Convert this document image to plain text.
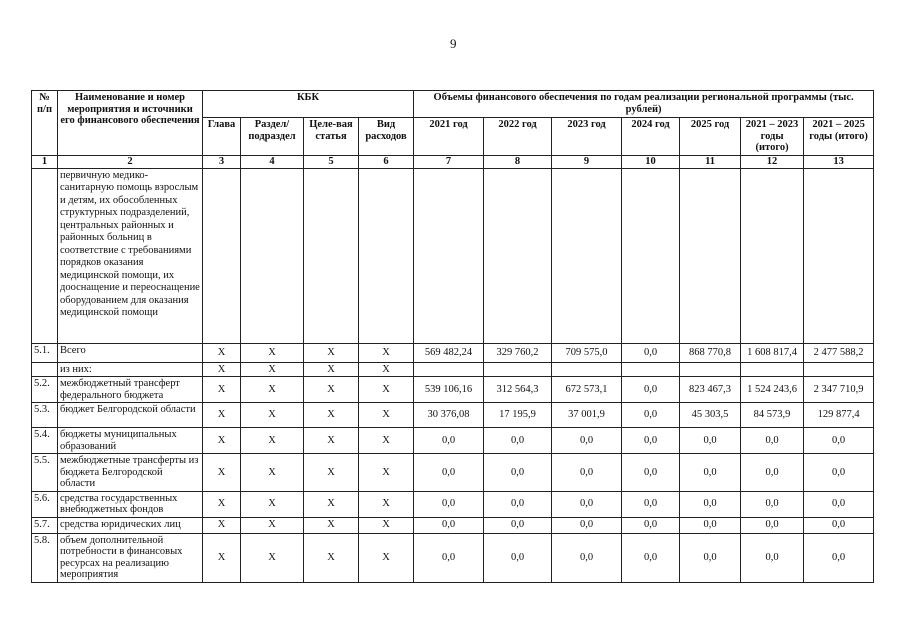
9
№ п/п	Наименование и номер мероприятия и источники его финансового обеспечения	КБК				Объемы финансового обеспечения по годам реализации региональной программы (тыс. рублей)						
		Глава	Раздел/ подраздел	Целе-вая статья	Вид расходов	2021 год	2022 год	2023 год	2024 год	2025 год	2021 – 2023 годы (итого)	2021 – 2025 годы (итого)
1	2	3	4	5	6	7	8	9	10	11	12	13
	первичную медико-санитарную помощь взрослым и детям, их обособленных структурных подразделений, центральных районных и районных больниц в соответствие с требованиями порядков оказания медицинской помощи, их дооснащение и переоснащение оборудованием для оказания медицинской помощи											
5.1.	Всего	Х	Х	Х	Х	569 482,24	329 760,2	709 575,0	0,0	868 770,8	1 608 817,4	2 477 588,2
	из них:	Х	Х	Х	Х							
5.2.	межбюджетный трансферт федерального бюджета	Х	Х	Х	Х	539 106,16	312 564,3	672 573,1	0,0	823 467,3	1 524 243,6	2 347 710,9
5.3.	бюджет Белгородской области	Х	Х	Х	Х	30 376,08	17 195,9	37 001,9	0,0	45 303,5	84 573,9	129 877,4
5.4.	бюджеты муниципальных образований	Х	Х	Х	Х	0,0	0,0	0,0	0,0	0,0	0,0	0,0
5.5.	межбюджетные трансферты из бюджета Белгородской области	Х	Х	Х	Х	0,0	0,0	0,0	0,0	0,0	0,0	0,0
5.6.	средства государственных внебюджетных фондов	Х	Х	Х	Х	0,0	0,0	0,0	0,0	0,0	0,0	0,0
5.7.	средства юридических лиц	Х	Х	Х	Х	0,0	0,0	0,0	0,0	0,0	0,0	0,0
5.8.	объем дополнительной потребности в финансовых ресурсах на реализацию мероприятия	Х	Х	Х	Х	0,0	0,0	0,0	0,0	0,0	0,0	0,0
